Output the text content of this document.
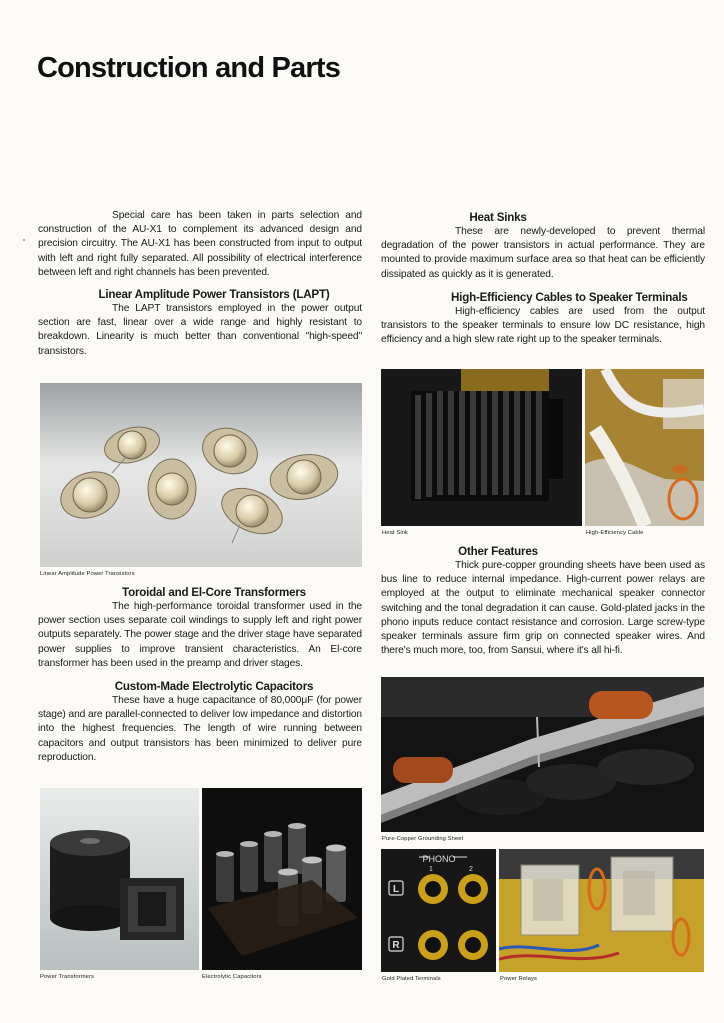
Construction and Parts

Special care has been taken in parts selection and construction of the AU-X1 to complement its advanced design and precision circuitry. The AU-X1 has been constructed from input to output with left and right fully separated. All possibility of electrical interference between left and right channels has been prevented.

Linear Amplitude Power Transistors (LAPT)

The LAPT transistors employed in the power output section are fast, linear over a wide range and highly resistant to breakdown. Linearity is much better than conventional "high-speed" transistors.

Linear Amplitude Power Transistors
Toroidal and El-Core Transformers

The high-performance toroidal transformer used in the power section uses separate coil windings to supply left and right power outputs separately. The power stage and the driver stage have separated power supplies to improve transient characteristics. An El-core transformer has been used in the preamp and driver stages.

Custom-Made Electrolytic Capacitors

These have a huge capacitance of 80,000μF (for power stage) and are parallel-connected to deliver low impedance and distortion into the highest frequencies. The length of wire running between capacitors and output transistors has been minimized to deliver pure reproduction.

Power Transformers	Electrolytic Capacitors
Heat Sinks

These are newly-developed to prevent thermal degradation of the power transistors in actual performance. They are mounted to provide maximum surface area so that heat can be efficiently dissipated as quickly as it is generated.

High-Efficiency Cables to Speaker Terminals

High-efficiency cables are used from the output transistors to the speaker terminals to ensure low DC resistance, high efficiency and a high slew rate right up to the speaker terminals.

Heat Sink	High-Efficiency Cable
Other Features

Thick pure-copper grounding sheets have been used as bus line to reduce internal impedance. High-current power relays are employed at the output to eliminate mechanical speaker connector switching and the tonal degradation it can cause. Gold-plated jacks in the phono inputs reduce contact resistance and corrosion. Large screw-type speaker terminals assure firm grip on connected speaker wires. And there's much more, too, from Sansui, where it's all hi-fi.

Pure-Copper Grounding Sheet
PHONO
1	2
L
R
Gold Plated Terminals	Power Relays
